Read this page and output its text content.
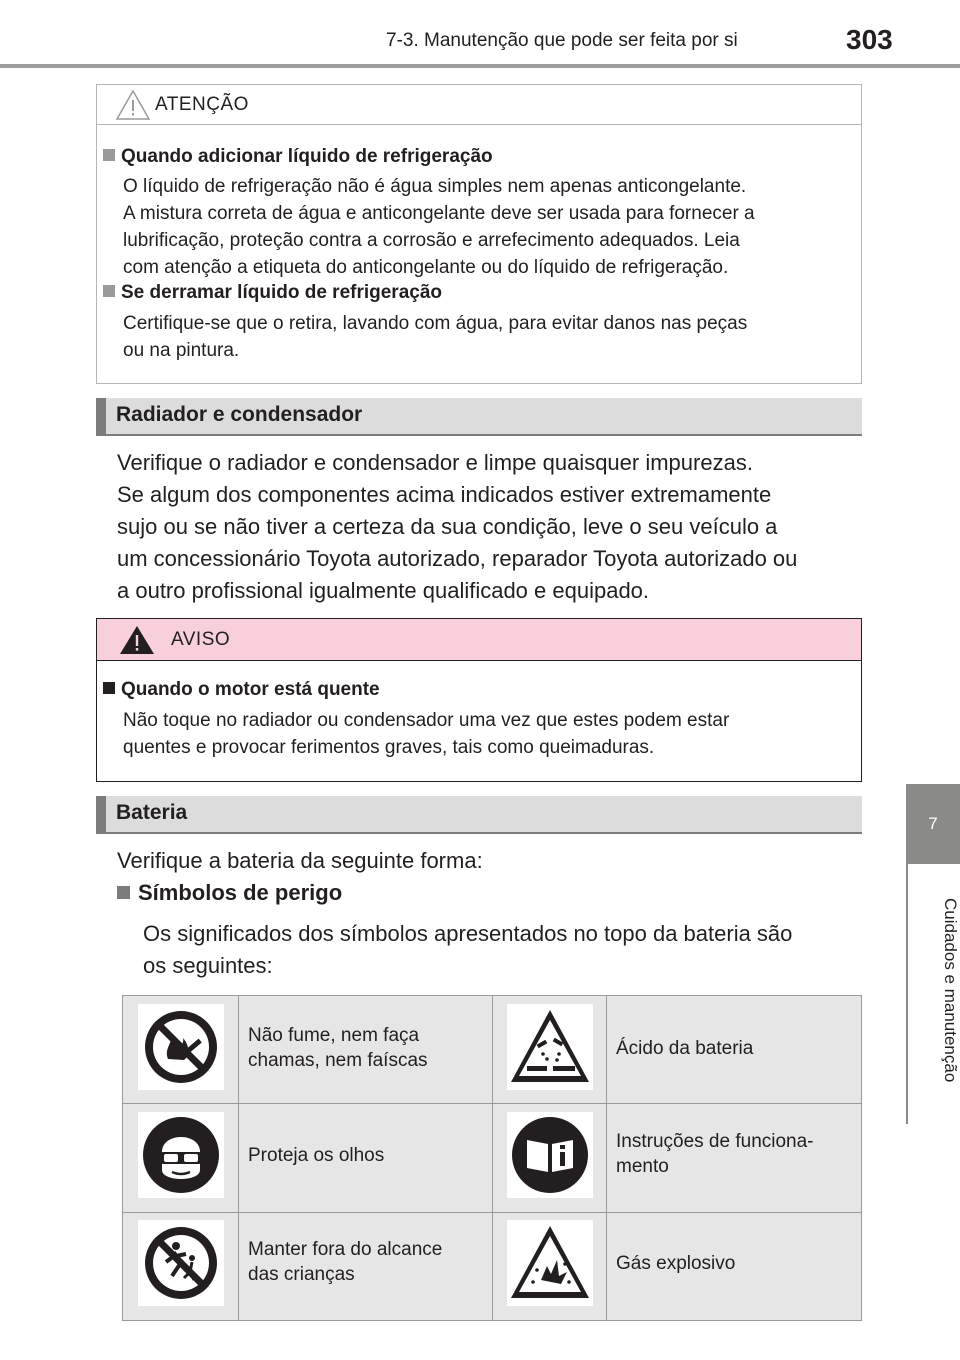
7-3. Manutenção que pode ser feita por si	303
7
Cuidados e manutenção
ATENÇÃO
Quando adicionar líquido de refrigeração
O líquido de refrigeração não é água simples nem apenas anticongelante.
A mistura correta de água e anticongelante deve ser usada para fornecer a
lubrificação, proteção contra a corrosão e arrefecimento adequados. Leia
com atenção a etiqueta do anticongelante ou do líquido de refrigeração.
Se derramar líquido de refrigeração
Certifique-se que o retira, lavando com água, para evitar danos nas peças
ou na pintura.
Radiador e condensador
Verifique o radiador e condensador e limpe quaisquer impurezas.
Se algum dos componentes acima indicados estiver extremamente
sujo ou se não tiver a certeza da sua condição, leve o seu veículo a
um concessionário Toyota autorizado, reparador Toyota autorizado ou
a outro profissional igualmente qualificado e equipado.
AVISO
Quando o motor está quente
Não toque no radiador ou condensador uma vez que estes podem estar
quentes e provocar ferimentos graves, tais como queimaduras.
Bateria
Verifique a bateria da seguinte forma:
Símbolos de perigo
Os significados dos símbolos apresentados no topo da bateria são
os seguintes:
Não fume, nem faça
chamas, nem faíscas
Ácido da bateria
Proteja os olhos
Instruções de funciona-
mento
Manter fora do alcance
das crianças
Gás explosivo
